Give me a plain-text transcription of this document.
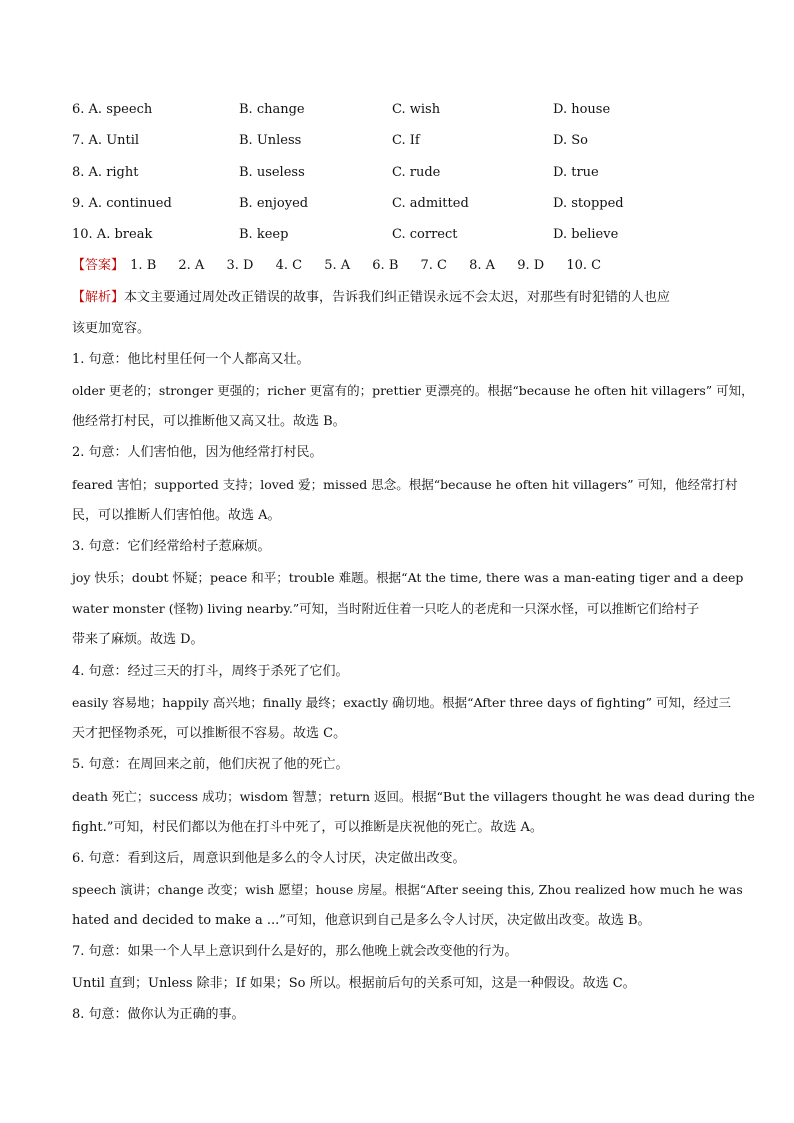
6. A. speech	B. change	C. wish	D. house
7. A. Until	B. Unless	C. If	D. So
8. A. right	B. useless	C. rude	D. true
9. A. continued	B. enjoyed	C. admitted	D. stopped
10. A. break	B. keep	C. correct	D. believe
【答案】 1. B 2. A 3. D 4. C 5. A 6. B 7. C 8. A 9. D 10. C
【解析】本文主要通过周处改正错误的故事，告诉我们纠正错误永远不会太迟，对那些有时犯错的人也应
该更加宽容。
1. 句意：他比村里任何一个人都高又壮。
older 更老的；stronger 更强的；richer 更富有的；prettier 更漂亮的。根据“because he often hit villagers” 可知，
他经常打村民，可以推断他又高又壮。故选 B。
2. 句意：人们害怕他，因为他经常打村民。
feared 害怕；supported 支持；loved 爱；missed 思念。根据“because he often hit villagers” 可知，他经常打村
民，可以推断人们害怕他。故选 A。
3. 句意：它们经常给村子惹麻烦。
joy 快乐；doubt 怀疑；peace 和平；trouble 难题。根据“At the time, there was a man-eating tiger and a deep
water monster (怪物) living nearby.”可知，当时附近住着一只吃人的老虎和一只深水怪，可以推断它们给村子
带来了麻烦。故选 D。
4. 句意：经过三天的打斗，周终于杀死了它们。
easily 容易地；happily 高兴地；finally 最终；exactly 确切地。根据“After three days of fighting” 可知，经过三
天才把怪物杀死，可以推断很不容易。故选 C。
5. 句意：在周回来之前，他们庆祝了他的死亡。
death 死亡；success 成功；wisdom 智慧；return 返回。根据“But the villagers thought he was dead during the
fight.”可知，村民们都以为他在打斗中死了，可以推断是庆祝他的死亡。故选 A。
6. 句意：看到这后，周意识到他是多么的令人讨厌，决定做出改变。
speech 演讲；change 改变；wish 愿望；house 房屋。根据“After seeing this, Zhou realized how much he was
hated and decided to make a ...”可知，他意识到自己是多么令人讨厌，决定做出改变。故选 B。
7. 句意：如果一个人早上意识到什么是好的，那么他晚上就会改变他的行为。
Until 直到；Unless 除非；If 如果；So 所以。根据前后句的关系可知，这是一种假设。故选 C。
8. 句意：做你认为正确的事。
